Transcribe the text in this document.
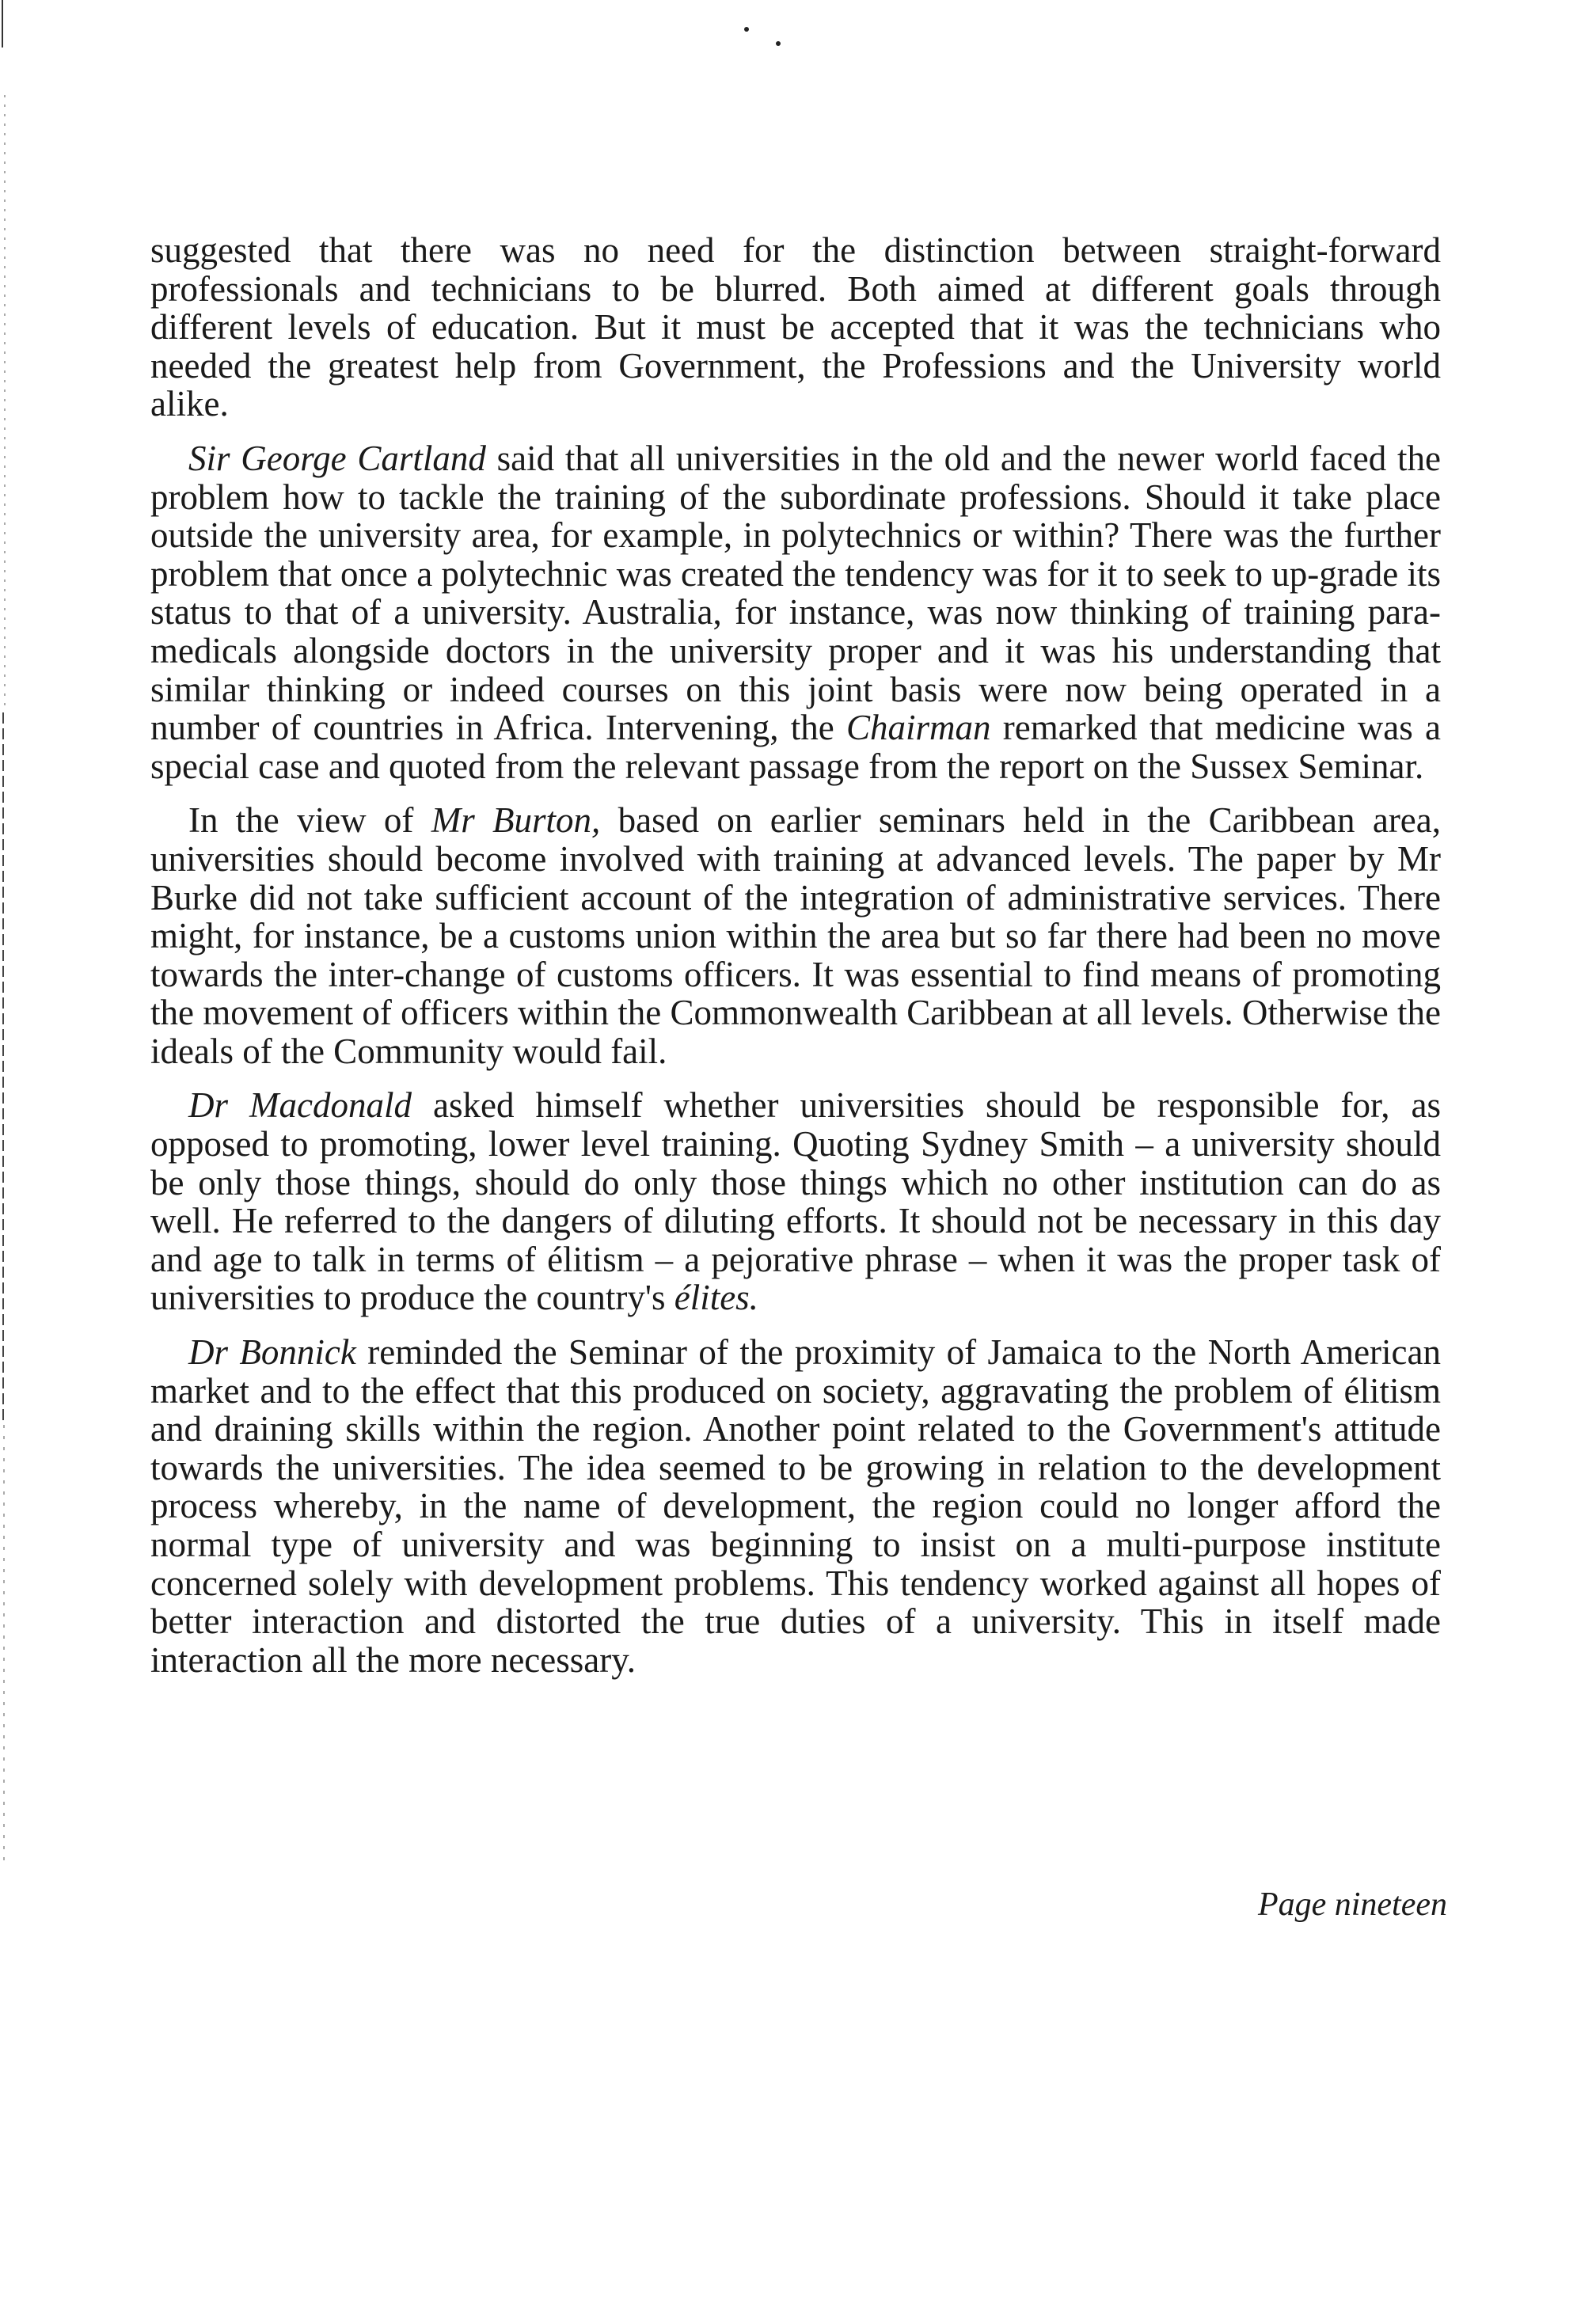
suggested that there was no need for the distinction between straight-forward professionals and technicians to be blurred. Both aimed at different goals through different levels of education. But it must be accepted that it was the technicians who needed the greatest help from Government, the Professions and the University world alike.

Sir George Cartland said that all universities in the old and the newer world faced the problem how to tackle the training of the subordinate professions. Should it take place outside the university area, for example, in polytechnics or within? There was the further problem that once a polytechnic was created the tendency was for it to seek to up-grade its status to that of a university. Australia, for instance, was now thinking of training para-medicals alongside doctors in the university proper and it was his understanding that similar thinking or indeed courses on this joint basis were now being operated in a number of countries in Africa. Intervening, the Chairman remarked that medicine was a special case and quoted from the relevant passage from the report on the Sussex Seminar.

In the view of Mr Burton, based on earlier seminars held in the Caribbean area, universities should become involved with training at advanced levels. The paper by Mr Burke did not take sufficient account of the integration of administrative services. There might, for instance, be a customs union within the area but so far there had been no move towards the inter-change of customs officers. It was essential to find means of promoting the movement of officers within the Commonwealth Caribbean at all levels. Otherwise the ideals of the Community would fail.

Dr Macdonald asked himself whether universities should be responsible for, as opposed to promoting, lower level training. Quoting Sydney Smith – a university should be only those things, should do only those things which no other institution can do as well. He referred to the dangers of diluting efforts. It should not be necessary in this day and age to talk in terms of élitism – a pejorative phrase – when it was the proper task of universities to produce the country's élites.

Dr Bonnick reminded the Seminar of the proximity of Jamaica to the North American market and to the effect that this produced on society, aggravating the problem of élitism and draining skills within the region. Another point related to the Government's attitude towards the universities. The idea seemed to be growing in relation to the development process whereby, in the name of development, the region could no longer afford the normal type of university and was beginning to insist on a multi-purpose institute concerned solely with development problems. This tendency worked against all hopes of better interaction and distorted the true duties of a university. This in itself made interaction all the more necessary.

Page nineteen
